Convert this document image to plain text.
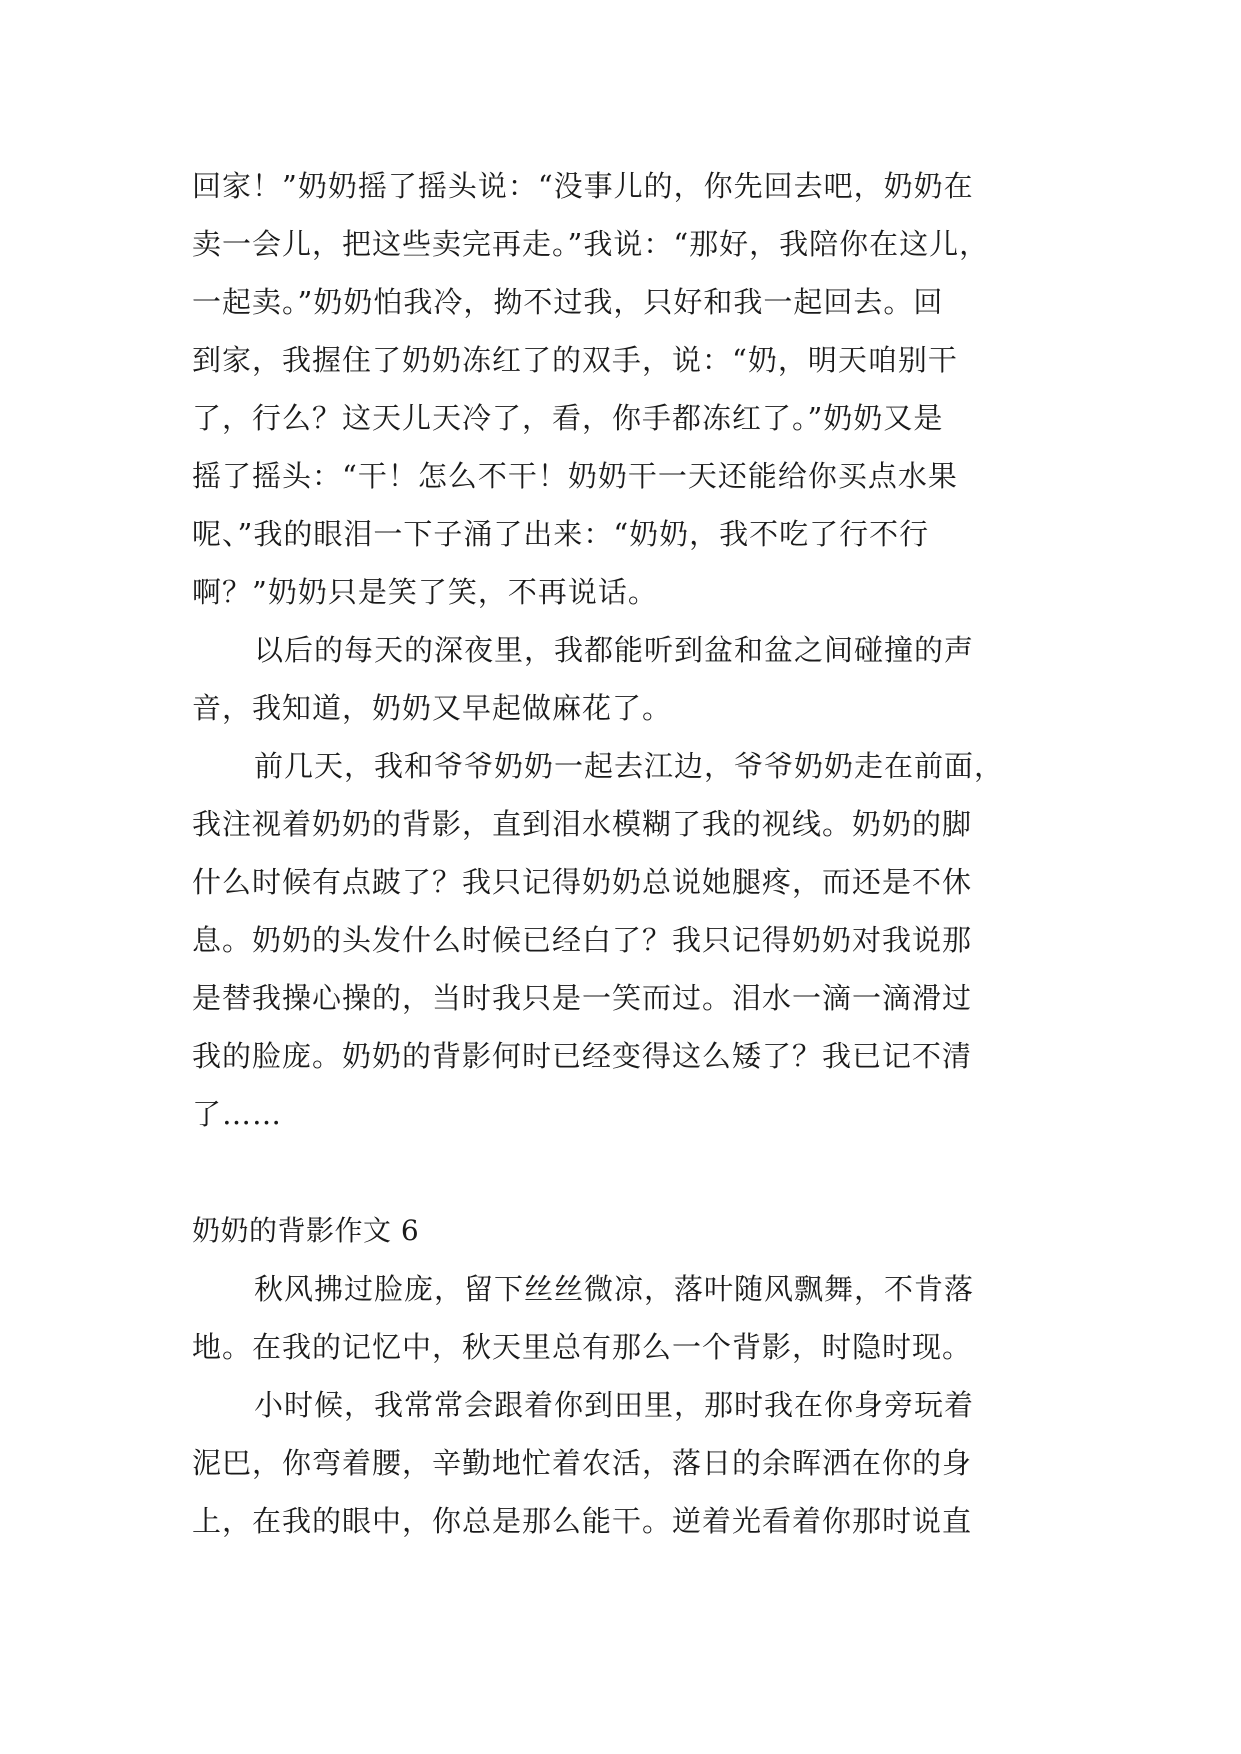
回家！”奶奶摇了摇头说：“没事儿的，你先回去吧，奶奶在
卖一会儿，把这些卖完再走。”我说：“那好，我陪你在这儿，
一起卖。”奶奶怕我冷，拗不过我，只好和我一起回去。回
到家，我握住了奶奶冻红了的双手，说：“奶，明天咱别干
了，行么？这天儿天冷了，看，你手都冻红了。”奶奶又是
摇了摇头：“干！怎么不干！奶奶干一天还能给你买点水果
呢、”我的眼泪一下子涌了出来：“奶奶，我不吃了行不行
啊？”奶奶只是笑了笑，不再说话。
以后的每天的深夜里，我都能听到盆和盆之间碰撞的声
音，我知道，奶奶又早起做麻花了。
前几天，我和爷爷奶奶一起去江边，爷爷奶奶走在前面，
我注视着奶奶的背影，直到泪水模糊了我的视线。奶奶的脚
什么时候有点跛了？我只记得奶奶总说她腿疼，而还是不休
息。奶奶的头发什么时候已经白了？我只记得奶奶对我说那
是替我操心操的，当时我只是一笑而过。泪水一滴一滴滑过
我的脸庞。奶奶的背影何时已经变得这么矮了？我已记不清
了……
奶奶的背影作文 6
秋风拂过脸庞，留下丝丝微凉，落叶随风飘舞，不肯落
地。在我的记忆中，秋天里总有那么一个背影，时隐时现。
小时候，我常常会跟着你到田里，那时我在你身旁玩着
泥巴，你弯着腰，辛勤地忙着农活，落日的余晖洒在你的身
上，在我的眼中，你总是那么能干。逆着光看着你那时说直
